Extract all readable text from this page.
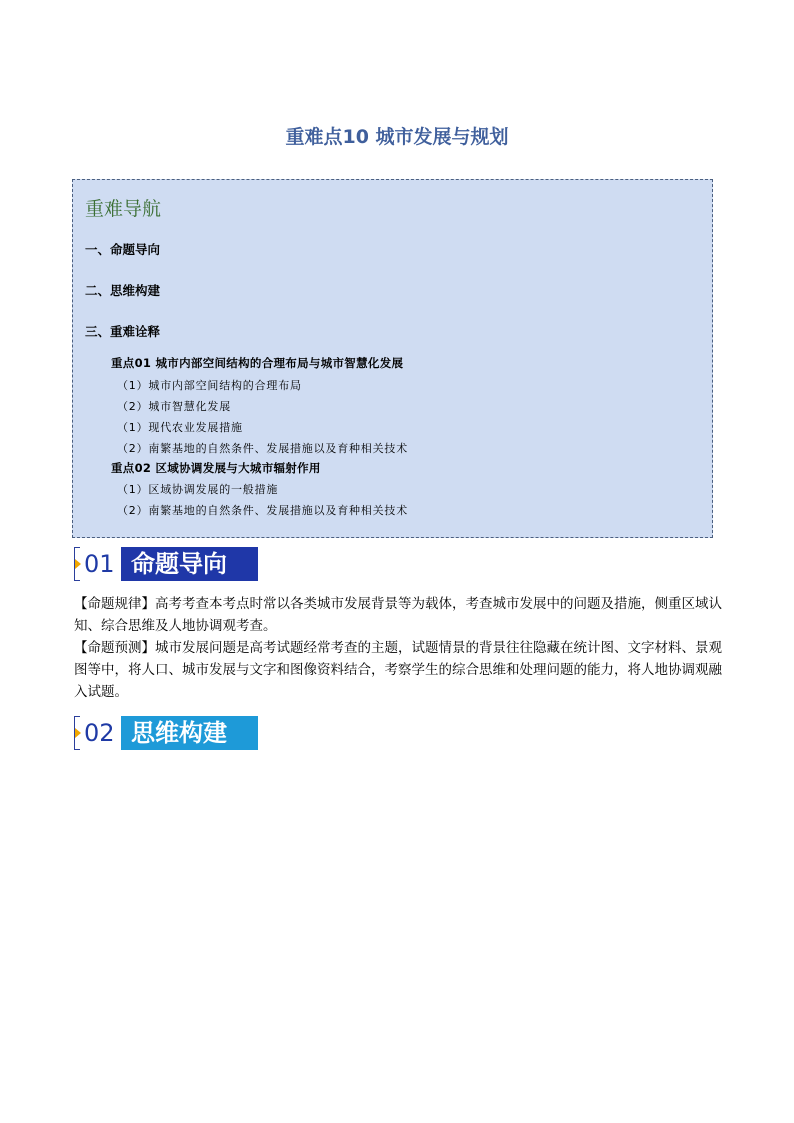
重难点10 城市发展与规划
重难导航
一、命题导向
二、思维构建
三、重难诠释
重点01 城市内部空间结构的合理布局与城市智慧化发展
（1）城市内部空间结构的合理布局
（2）城市智慧化发展
（1）现代农业发展措施
（2）南繁基地的自然条件、发展措施以及育种相关技术
重点02 区域协调发展与大城市辐射作用
（1）区域协调发展的一般措施
（2）南繁基地的自然条件、发展措施以及育种相关技术
01 命题导向
【命题规律】高考考查本考点时常以各类城市发展背景等为载体，考查城市发展中的问题及措施，侧重区域认知、综合思维及人地协调观考查。
【命题预测】城市发展问题是高考试题经常考查的主题，试题情景的背景往往隐藏在统计图、文字材料、景观图等中，将人口、城市发展与文字和图像资料结合，考察学生的综合思维和处理问题的能力，将人地协调观融入试题。
02 思维构建
